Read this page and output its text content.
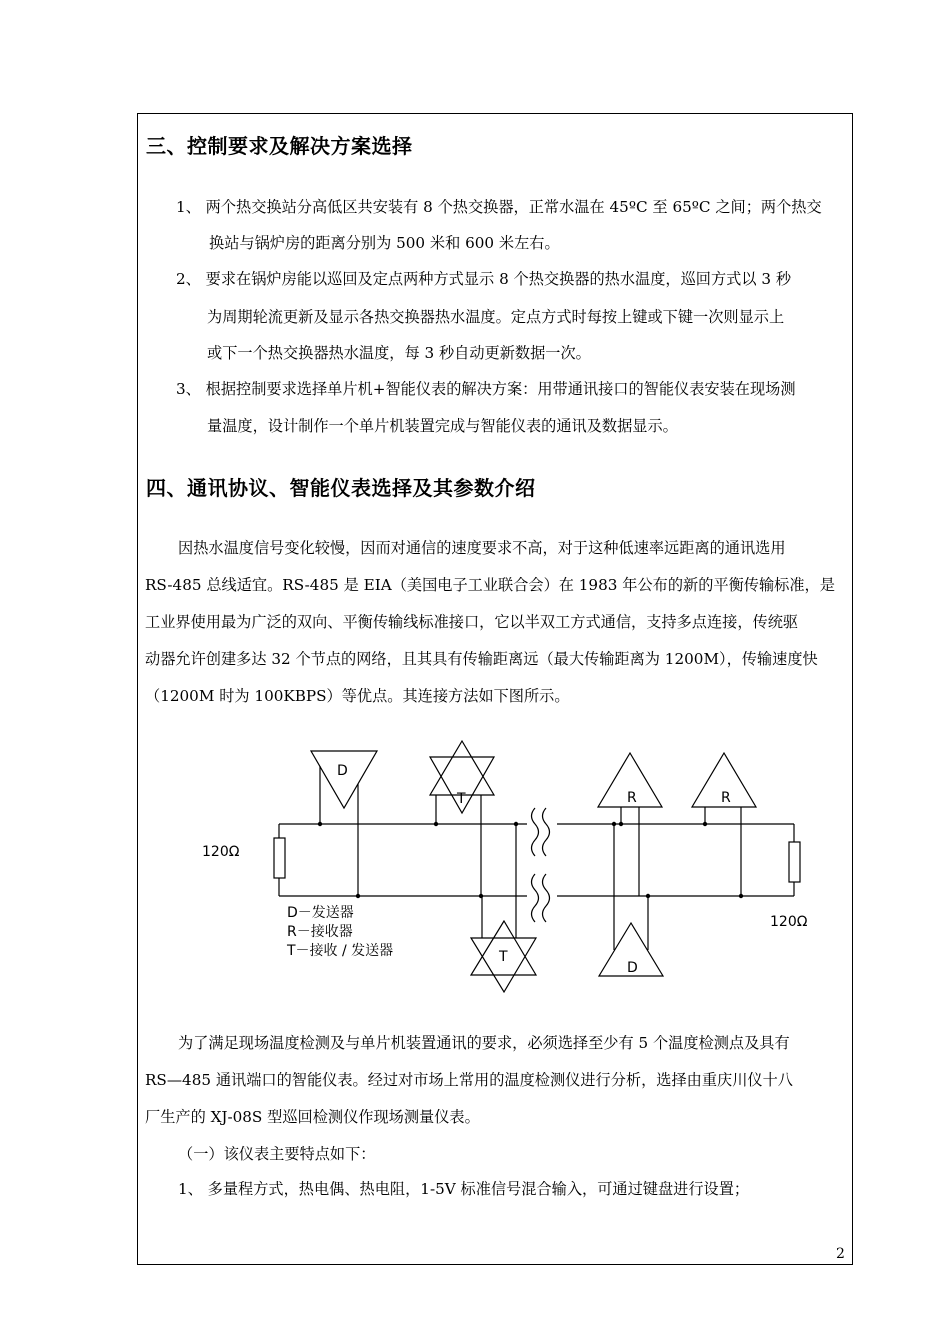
三、控制要求及解决方案选择
1、 两个热交换站分高低区共安装有 8 个热交换器，正常水温在 45ºC 至 65ºC 之间；两个热交
换站与锅炉房的距离分别为 500 米和 600 米左右。
2、 要求在锅炉房能以巡回及定点两种方式显示 8 个热交换器的热水温度，巡回方式以 3 秒
为周期轮流更新及显示各热交换器热水温度。定点方式时每按上键或下键一次则显示上
或下一个热交换器热水温度，每 3 秒自动更新数据一次。
3、 根据控制要求选择单片机+智能仪表的解决方案：用带通讯接口的智能仪表安装在现场测
量温度，设计制作一个单片机装置完成与智能仪表的通讯及数据显示。
四、通讯协议、智能仪表选择及其参数介绍
因热水温度信号变化较慢，因而对通信的速度要求不高，对于这种低速率远距离的通讯选用
RS-485 总线适宜。RS-485 是 EIA（美国电子工业联合会）在 1983 年公布的新的平衡传输标准，是
工业界使用最为广泛的双向、平衡传输线标准接口，它以半双工方式通信，支持多点连接，传统驱
动器允许创建多达 32 个节点的网络，且其具有传输距离远（最大传输距离为 1200M），传输速度快
（1200M 时为 100KBPS）等优点。其连接方法如下图所示。
120Ω
120Ω
D
T
T
R	R
D
D－发送器
R－接收器
T－接收 / 发送器
为了满足现场温度检测及与单片机装置通讯的要求，必须选择至少有 5 个温度检测点及具有
RS—485 通讯端口的智能仪表。经过对市场上常用的温度检测仪进行分析，选择由重庆川仪十八
厂生产的 XJ-08S 型巡回检测仪作现场测量仪表。
（一）该仪表主要特点如下：
1、 多量程方式，热电偶、热电阻，1-5V 标准信号混合输入，可通过键盘进行设置；
2
